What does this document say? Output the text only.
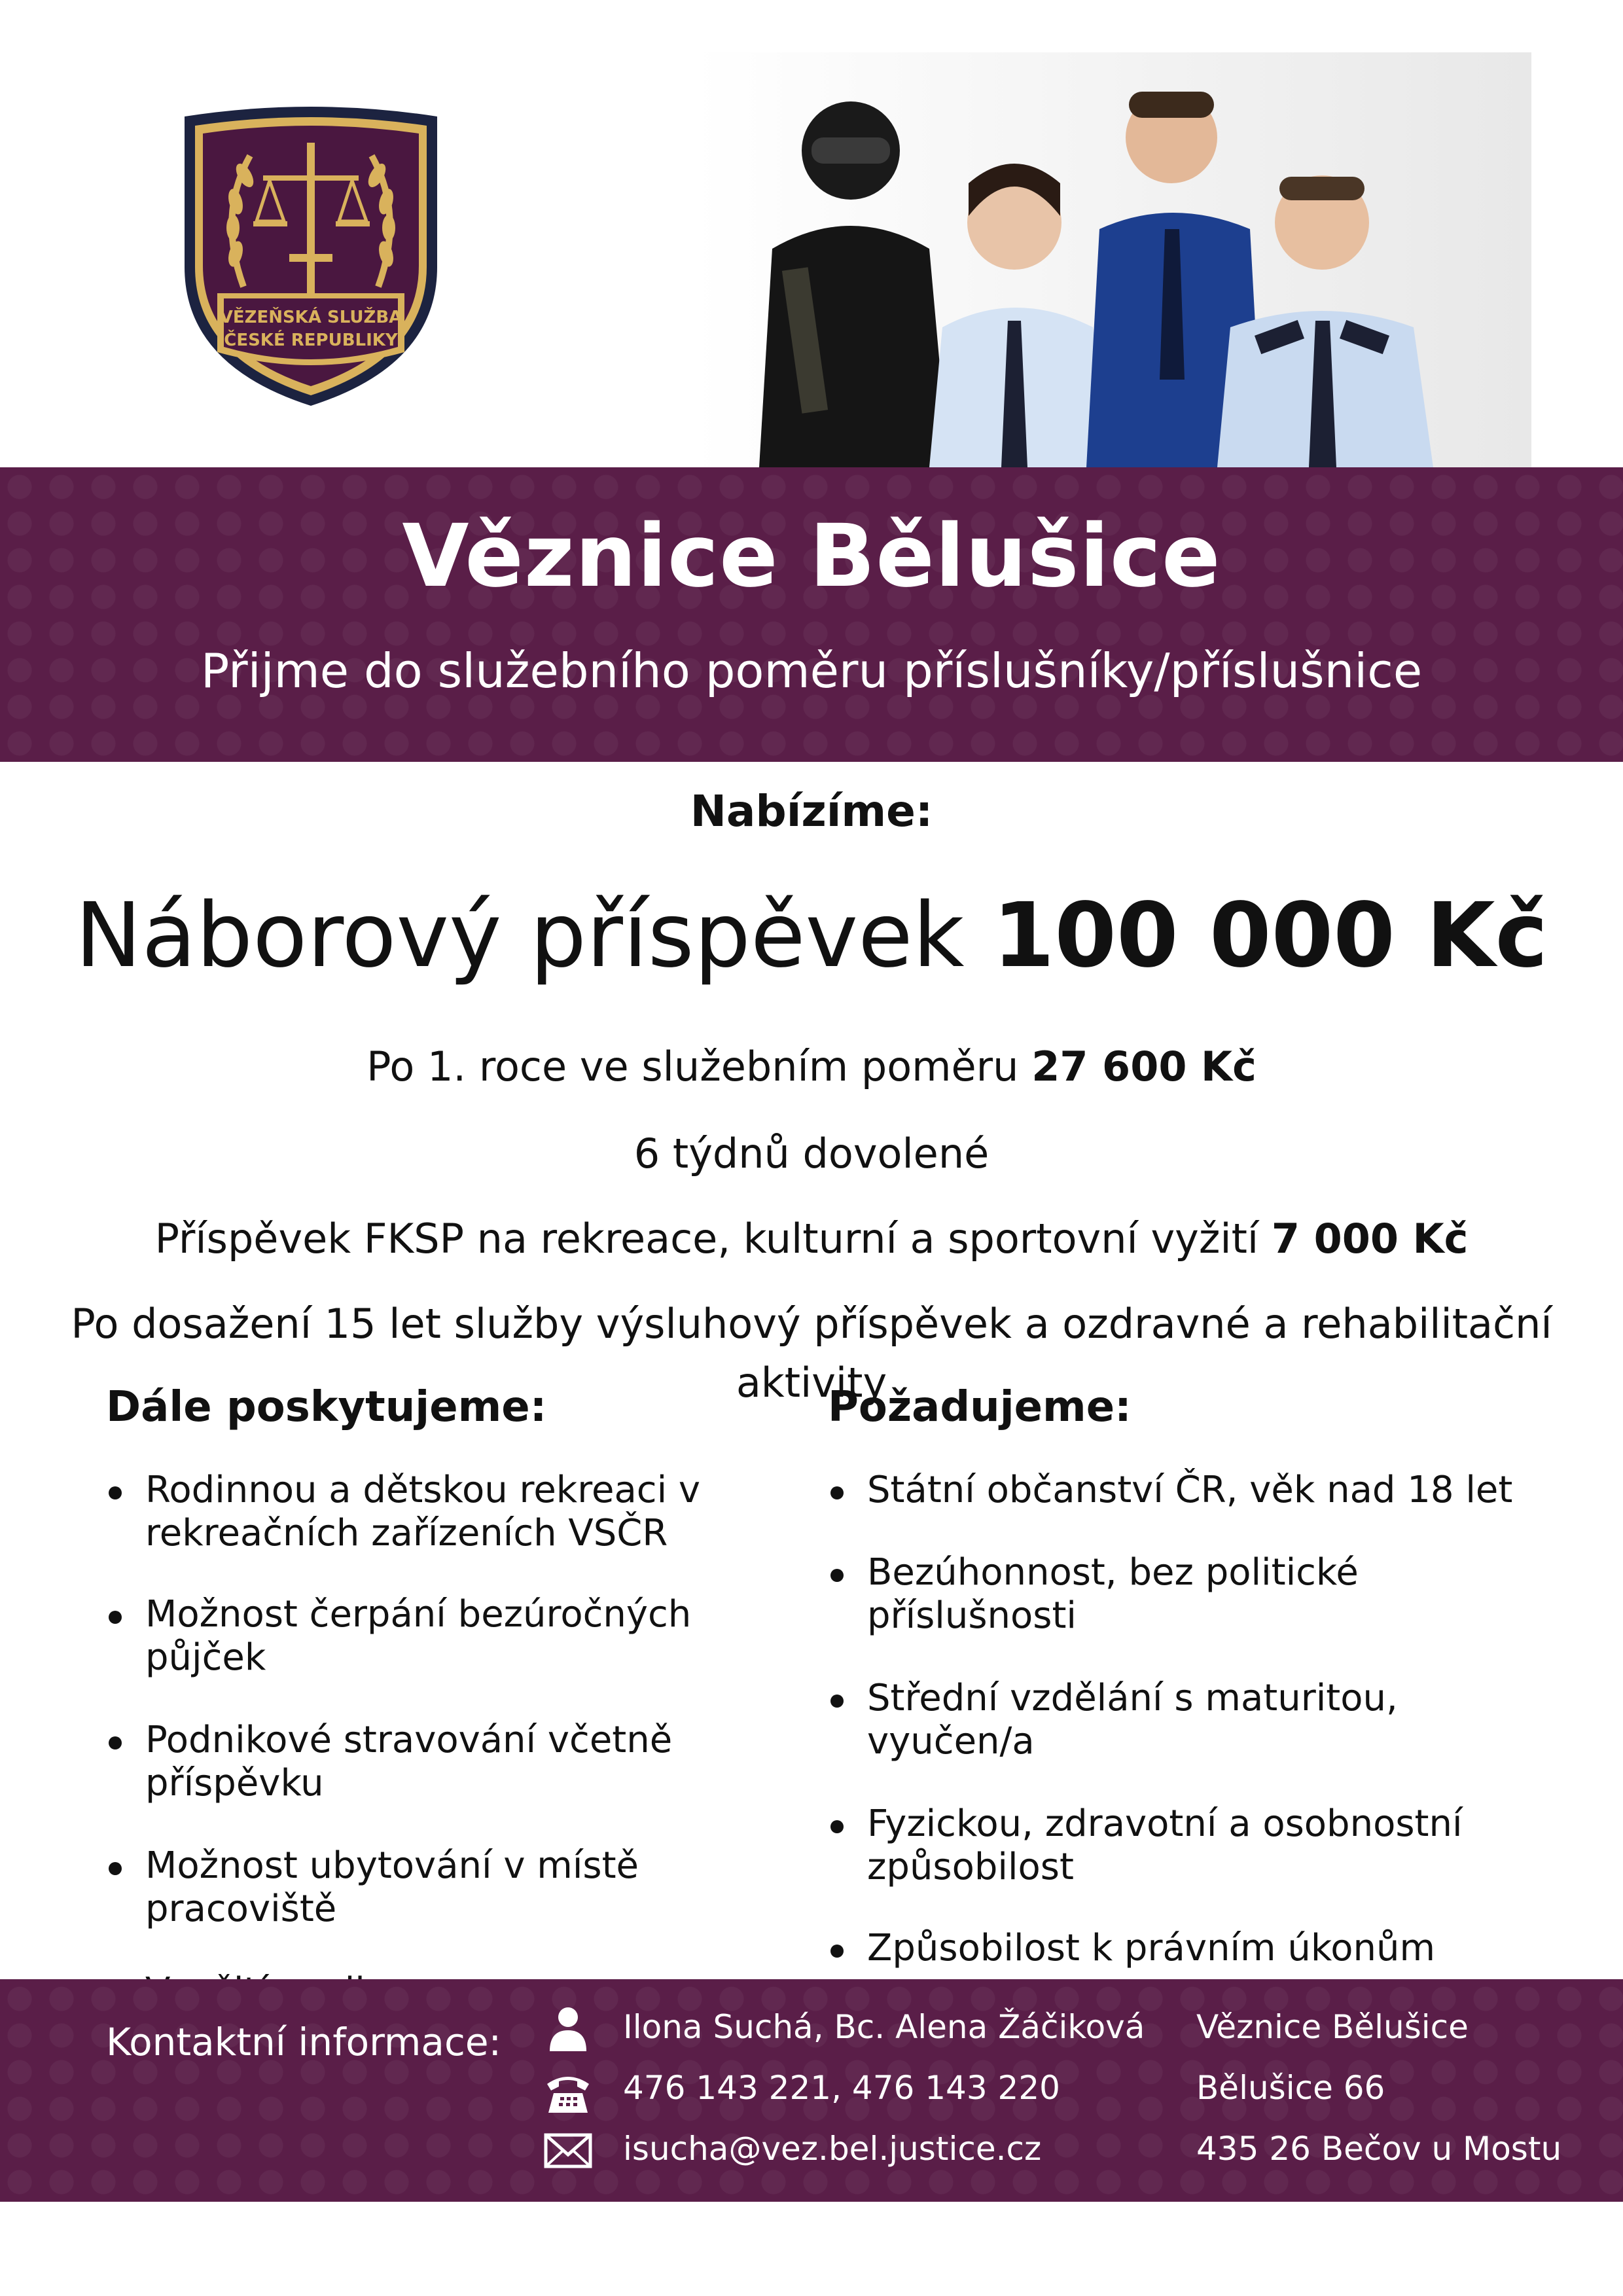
VĚZEŇSKÁ SLUŽBA
ČESKÉ REPUBLIKY
Věznice Bělušice
Přijme do služebního poměru příslušníky/příslušnice
Nabízíme:
Náborový příspěvek 100 000 Kč
Po 1. roce ve služebním poměru 27 600 Kč
6 týdnů dovolené
Příspěvek FKSP na rekreace, kulturní a sportovní vyžití 7 000 Kč
Po dosažení 15 let služby výsluhový příspěvek a ozdravné a rehabilitační aktivity
Dále poskytujeme:
Rodinnou a dětskou rekreaci v rekreačních zařízeních VSČR
Možnost čerpání bezúročných půjček
Podnikové stravování včetně příspěvku
Možnost ubytování v místě pracoviště
Požadujeme:
Státní občanství ČR, věk nad 18 let
Bezúhonnost, bez politické příslušnosti
Střední vzdělání s maturitou, vyučen/a
Fyzickou, zdravotní a osobnostní způsobilost
Způsobilost k právním úkonům
Kontaktní informace:	Ilona Suchá, Bc. Alena Žáčiková
476 143 221, 476 143 220
isucha@vez.bel.justice.cz
Věznice Bělušice
Bělušice 66
435 26 Bečov u Mostu
